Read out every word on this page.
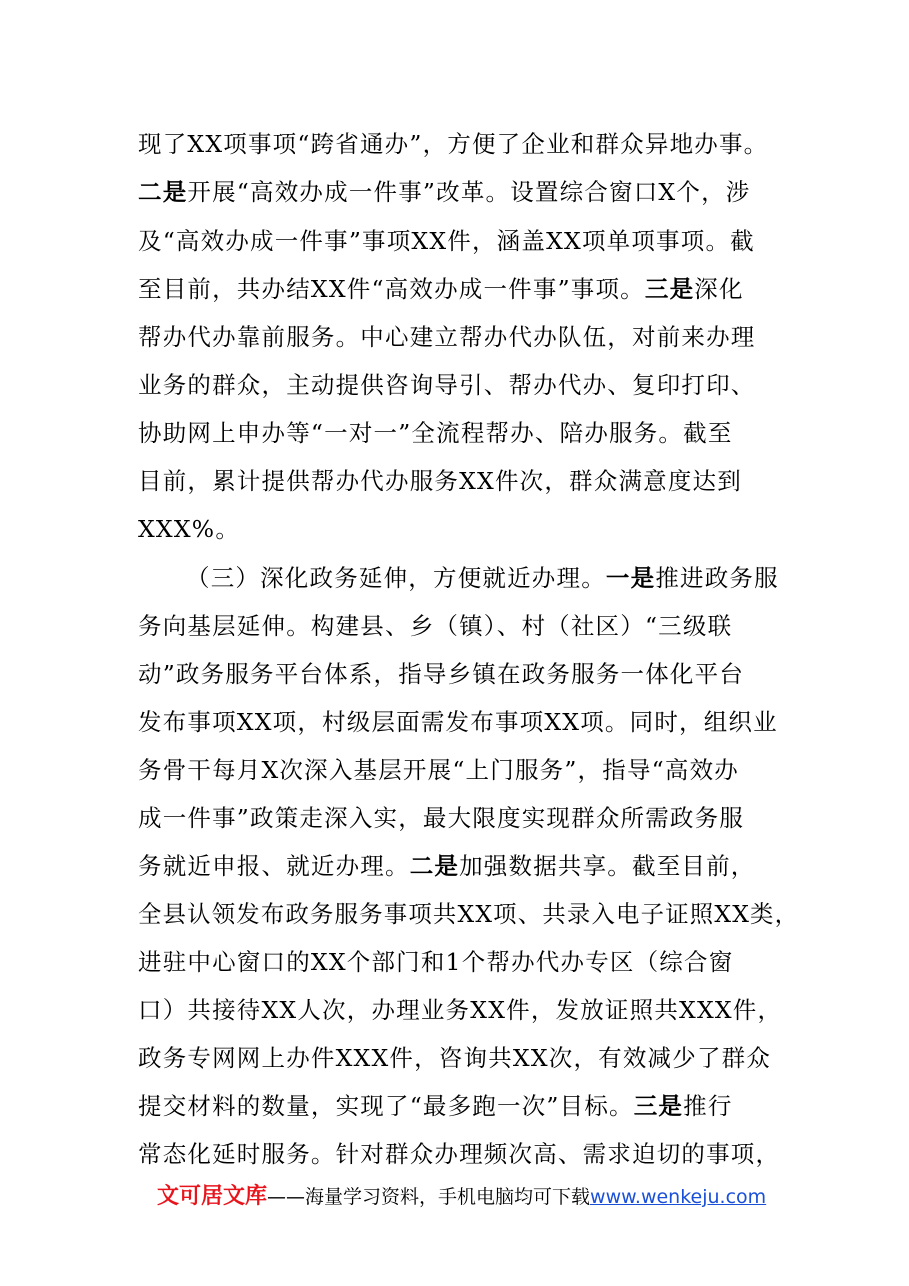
现了XX项事项“跨省通办”，方便了企业和群众异地办事。
二是开展“高效办成一件事”改革。设置综合窗口X个，涉
及“高效办成一件事”事项XX件，涵盖XX项单项事项。截
至目前，共办结XX件“高效办成一件事”事项。三是深化
帮办代办靠前服务。中心建立帮办代办队伍，对前来办理
业务的群众，主动提供咨询导引、帮办代办、复印打印、
协助网上申办等“一对一”全流程帮办、陪办服务。截至
目前，累计提供帮办代办服务XX件次，群众满意度达到
XXX%。
（三）深化政务延伸，方便就近办理。一是推进政务服
务向基层延伸。构建县、乡（镇）、村（社区）“三级联
动”政务服务平台体系，指导乡镇在政务服务一体化平台
发布事项XX项，村级层面需发布事项XX项。同时，组织业
务骨干每月X次深入基层开展“上门服务”，指导“高效办
成一件事”政策走深入实，最大限度实现群众所需政务服
务就近申报、就近办理。二是加强数据共享。截至目前，
全县认领发布政务服务事项共XX项、共录入电子证照XX类，
进驻中心窗口的XX个部门和1个帮办代办专区（综合窗
口）共接待XX人次，办理业务XX件，发放证照共XXX件，
政务专网网上办件XXX件，咨询共XX次，有效减少了群众
提交材料的数量，实现了“最多跑一次”目标。三是推行
常态化延时服务。针对群众办理频次高、需求迫切的事项，
文可居文库——海量学习资料，手机电脑均可下载www.wenkeju.com
